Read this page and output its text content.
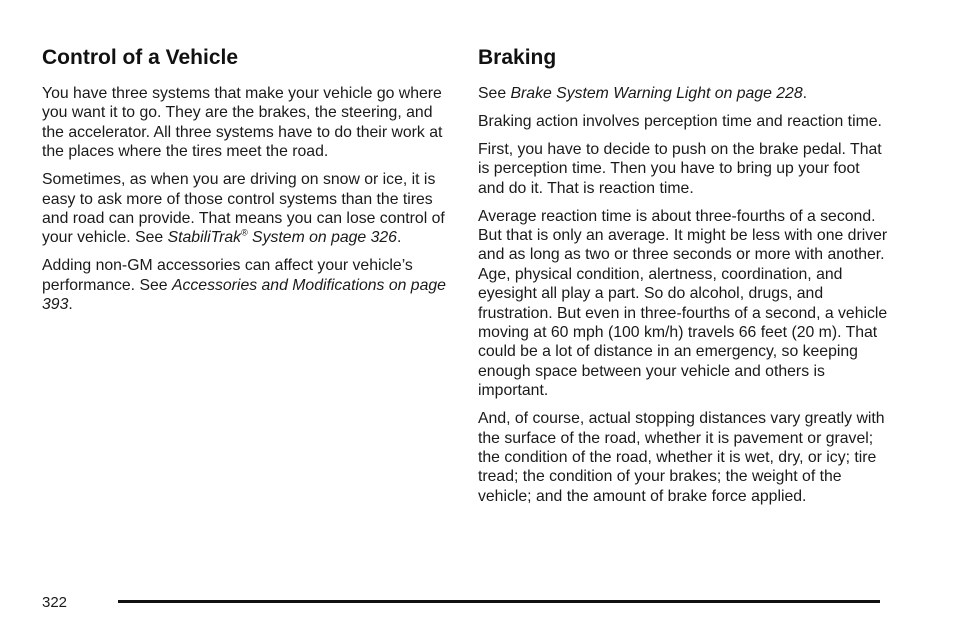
Control of a Vehicle

You have three systems that make your vehicle go where you want it to go. They are the brakes, the steering, and the accelerator. All three systems have to do their work at the places where the tires meet the road.

Sometimes, as when you are driving on snow or ice, it is easy to ask more of those control systems than the tires and road can provide. That means you can lose control of your vehicle. See StabiliTrak® System on page 326.

Adding non-GM accessories can affect your vehicle’s performance. See Accessories and Modifications on page 393.

Braking

See Brake System Warning Light on page 228.

Braking action involves perception time and reaction time.

First, you have to decide to push on the brake pedal. That is perception time. Then you have to bring up your foot and do it. That is reaction time.

Average reaction time is about three-fourths of a second. But that is only an average. It might be less with one driver and as long as two or three seconds or more with another. Age, physical condition, alertness, coordination, and eyesight all play a part. So do alcohol, drugs, and frustration. But even in three-fourths of a second, a vehicle moving at 60 mph (100 km/h) travels 66 feet (20 m). That could be a lot of distance in an emergency, so keeping enough space between your vehicle and others is important.

And, of course, actual stopping distances vary greatly with the surface of the road, whether it is pavement or gravel; the condition of the road, whether it is wet, dry, or icy; tire tread; the condition of your brakes; the weight of the vehicle; and the amount of brake force applied.

322
